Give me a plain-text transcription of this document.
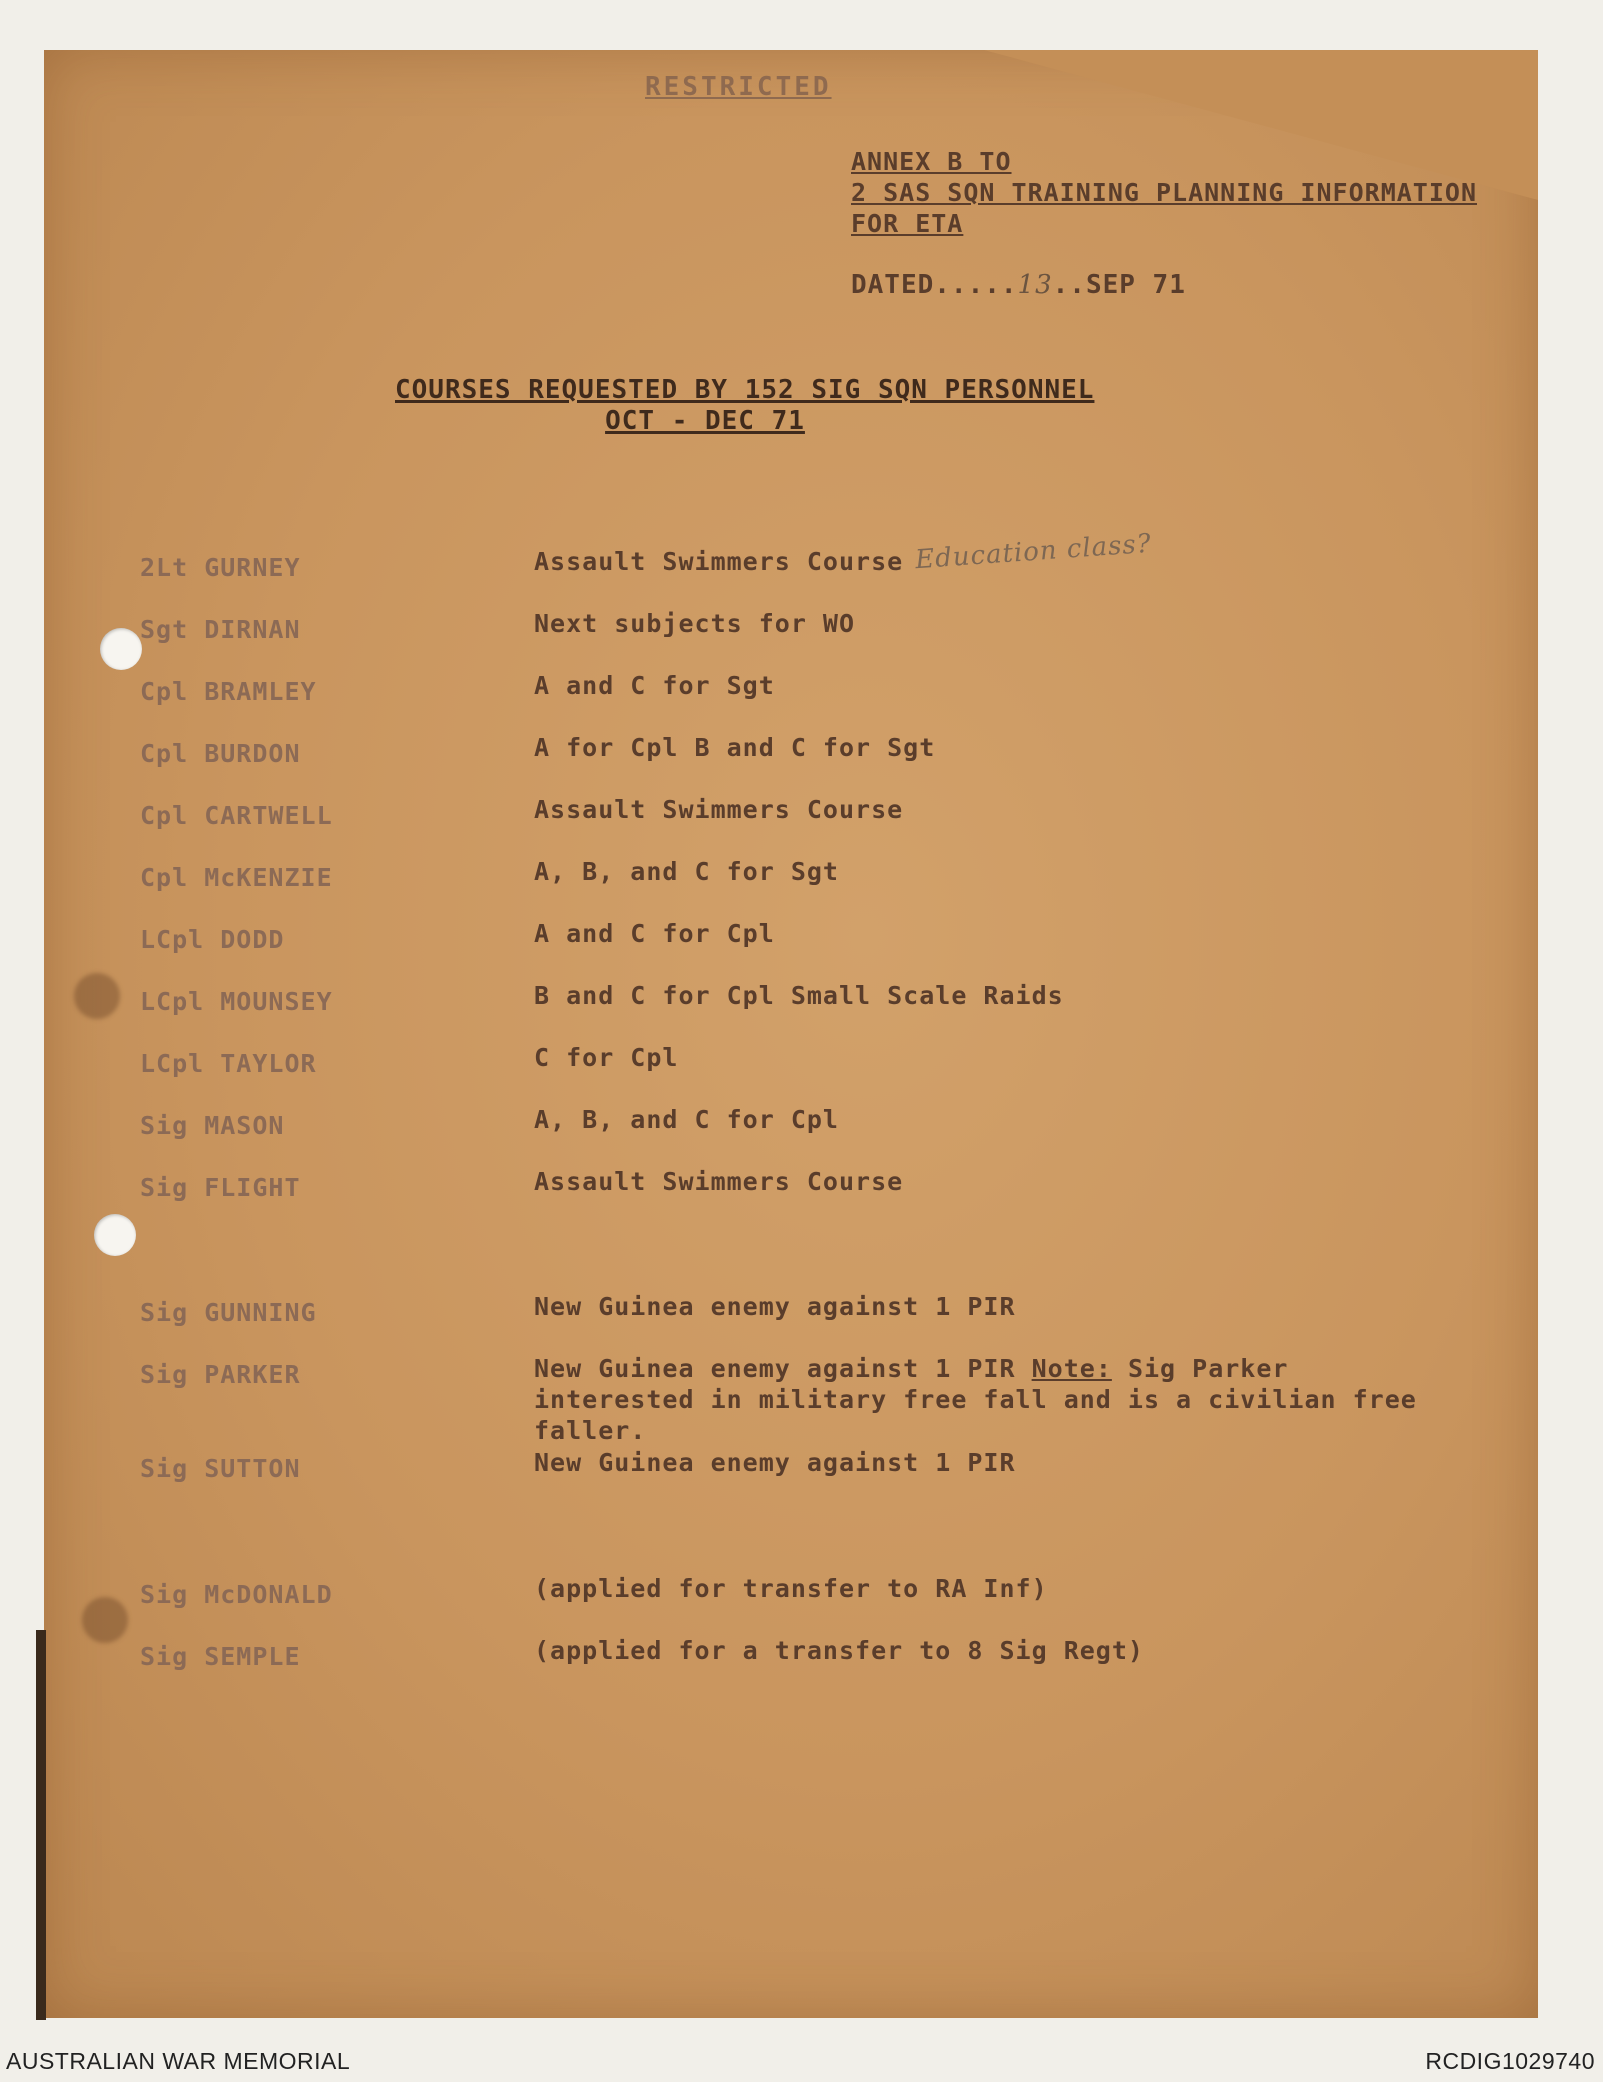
RESTRICTED
ANNEX B TO
2 SAS SQN TRAINING PLANNING INFORMATION
FOR ETA
DATED.....13..SEP 71
COURSES REQUESTED BY 152 SIG SQN PERSONNEL
OCT - DEC 71
Education class?
2Lt GURNEY	Assault Swimmers Course
Sgt DIRNAN	Next subjects for WO
Cpl BRAMLEY	A and C for Sgt
Cpl BURDON	A for Cpl B and C for Sgt
Cpl CARTWELL	Assault Swimmers Course
Cpl McKENZIE	A, B, and C for Sgt
LCpl DODD	A and C for Cpl
LCpl MOUNSEY	B and C for Cpl Small Scale Raids
LCpl TAYLOR	C for Cpl
Sig MASON	A, B, and C for Cpl
Sig FLIGHT	Assault Swimmers Course
Sig GUNNING	New Guinea enemy against 1 PIR
Sig PARKER	New Guinea enemy against 1 PIR Note: Sig Parker interested in military free fall and is a civilian free faller.
Sig SUTTON	New Guinea enemy against 1 PIR
Sig McDONALD	(applied for transfer to RA Inf)
Sig SEMPLE	(applied for a transfer to 8 Sig Regt)
AUSTRALIAN WAR MEMORIAL	RCDIG1029740
